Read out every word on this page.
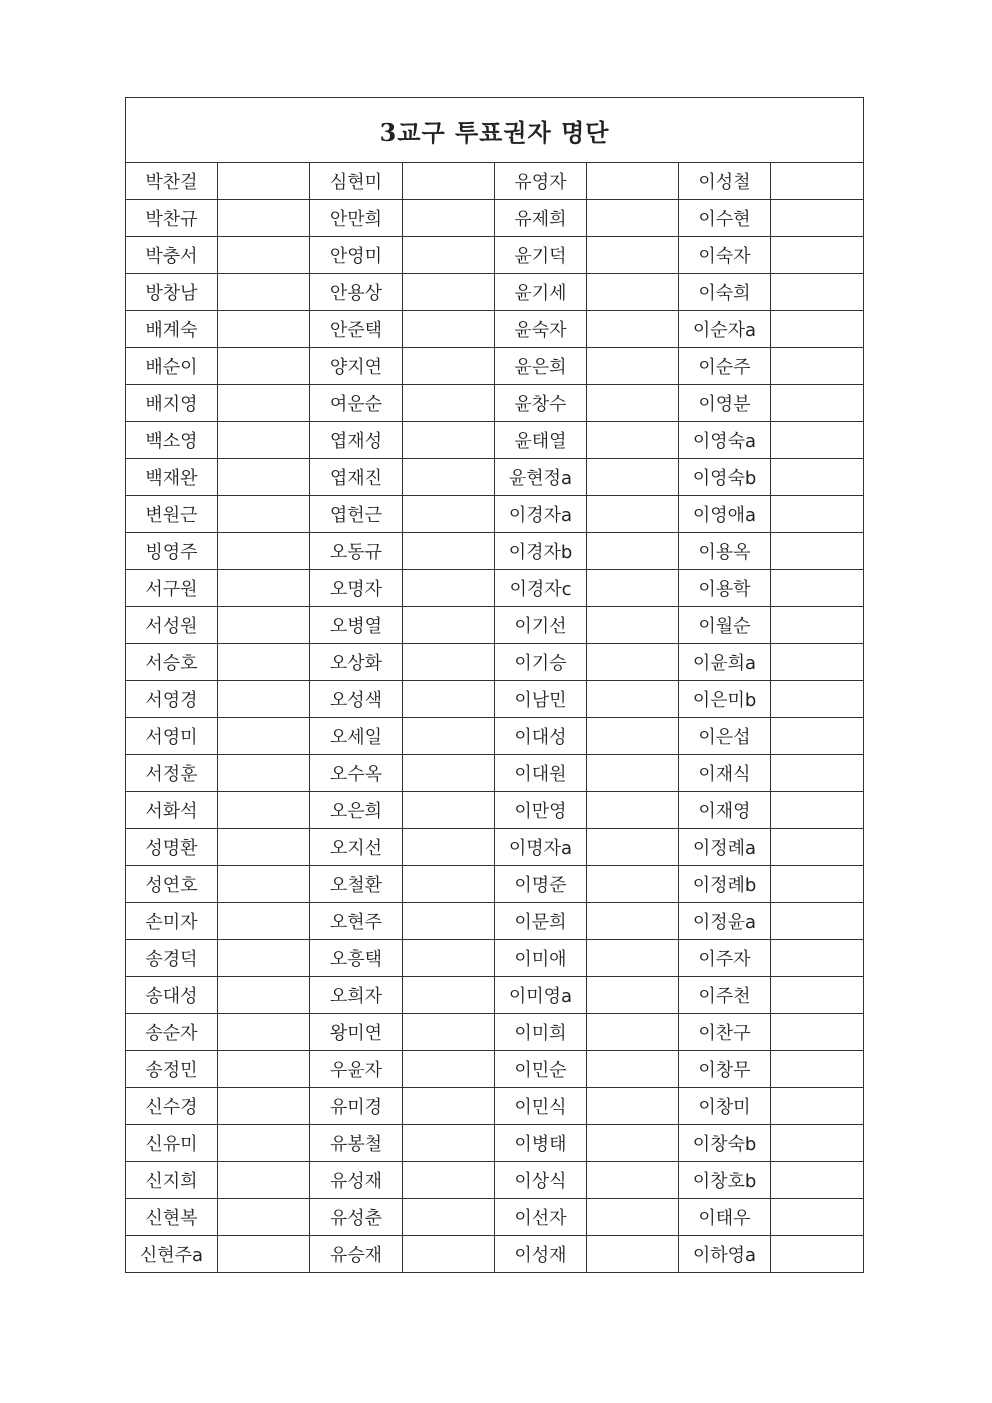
3교구 투표권자 명단							
박찬걸		심현미		유영자		이성철	
박찬규		안만희		유제희		이수현	
박충서		안영미		윤기덕		이숙자	
방창남		안용상		윤기세		이숙희	
배계숙		안준택		윤숙자		이순자a	
배순이		양지연		윤은희		이순주	
배지영		여운순		윤창수		이영분	
백소영		엽재성		윤태열		이영숙a	
백재완		엽재진		윤현정a		이영숙b	
변원근		엽헌근		이경자a		이영애a	
빙영주		오동규		이경자b		이용옥	
서구원		오명자		이경자c		이용학	
서성원		오병열		이기선		이월순	
서승호		오상화		이기승		이윤희a	
서영경		오성색		이남민		이은미b	
서영미		오세일		이대성		이은섭	
서정훈		오수옥		이대원		이재식	
서화석		오은희		이만영		이재영	
성명환		오지선		이명자a		이정례a	
성연호		오철환		이명준		이정례b	
손미자		오현주		이문희		이정윤a	
송경덕		오흥택		이미애		이주자	
송대성		오희자		이미영a		이주천	
송순자		왕미연		이미희		이찬구	
송정민		우윤자		이민순		이창무	
신수경		유미경		이민식		이창미	
신유미		유봉철		이병태		이창숙b	
신지희		유성재		이상식		이창호b	
신현복		유성춘		이선자		이태우	
신현주a		유승재		이성재		이하영a	
